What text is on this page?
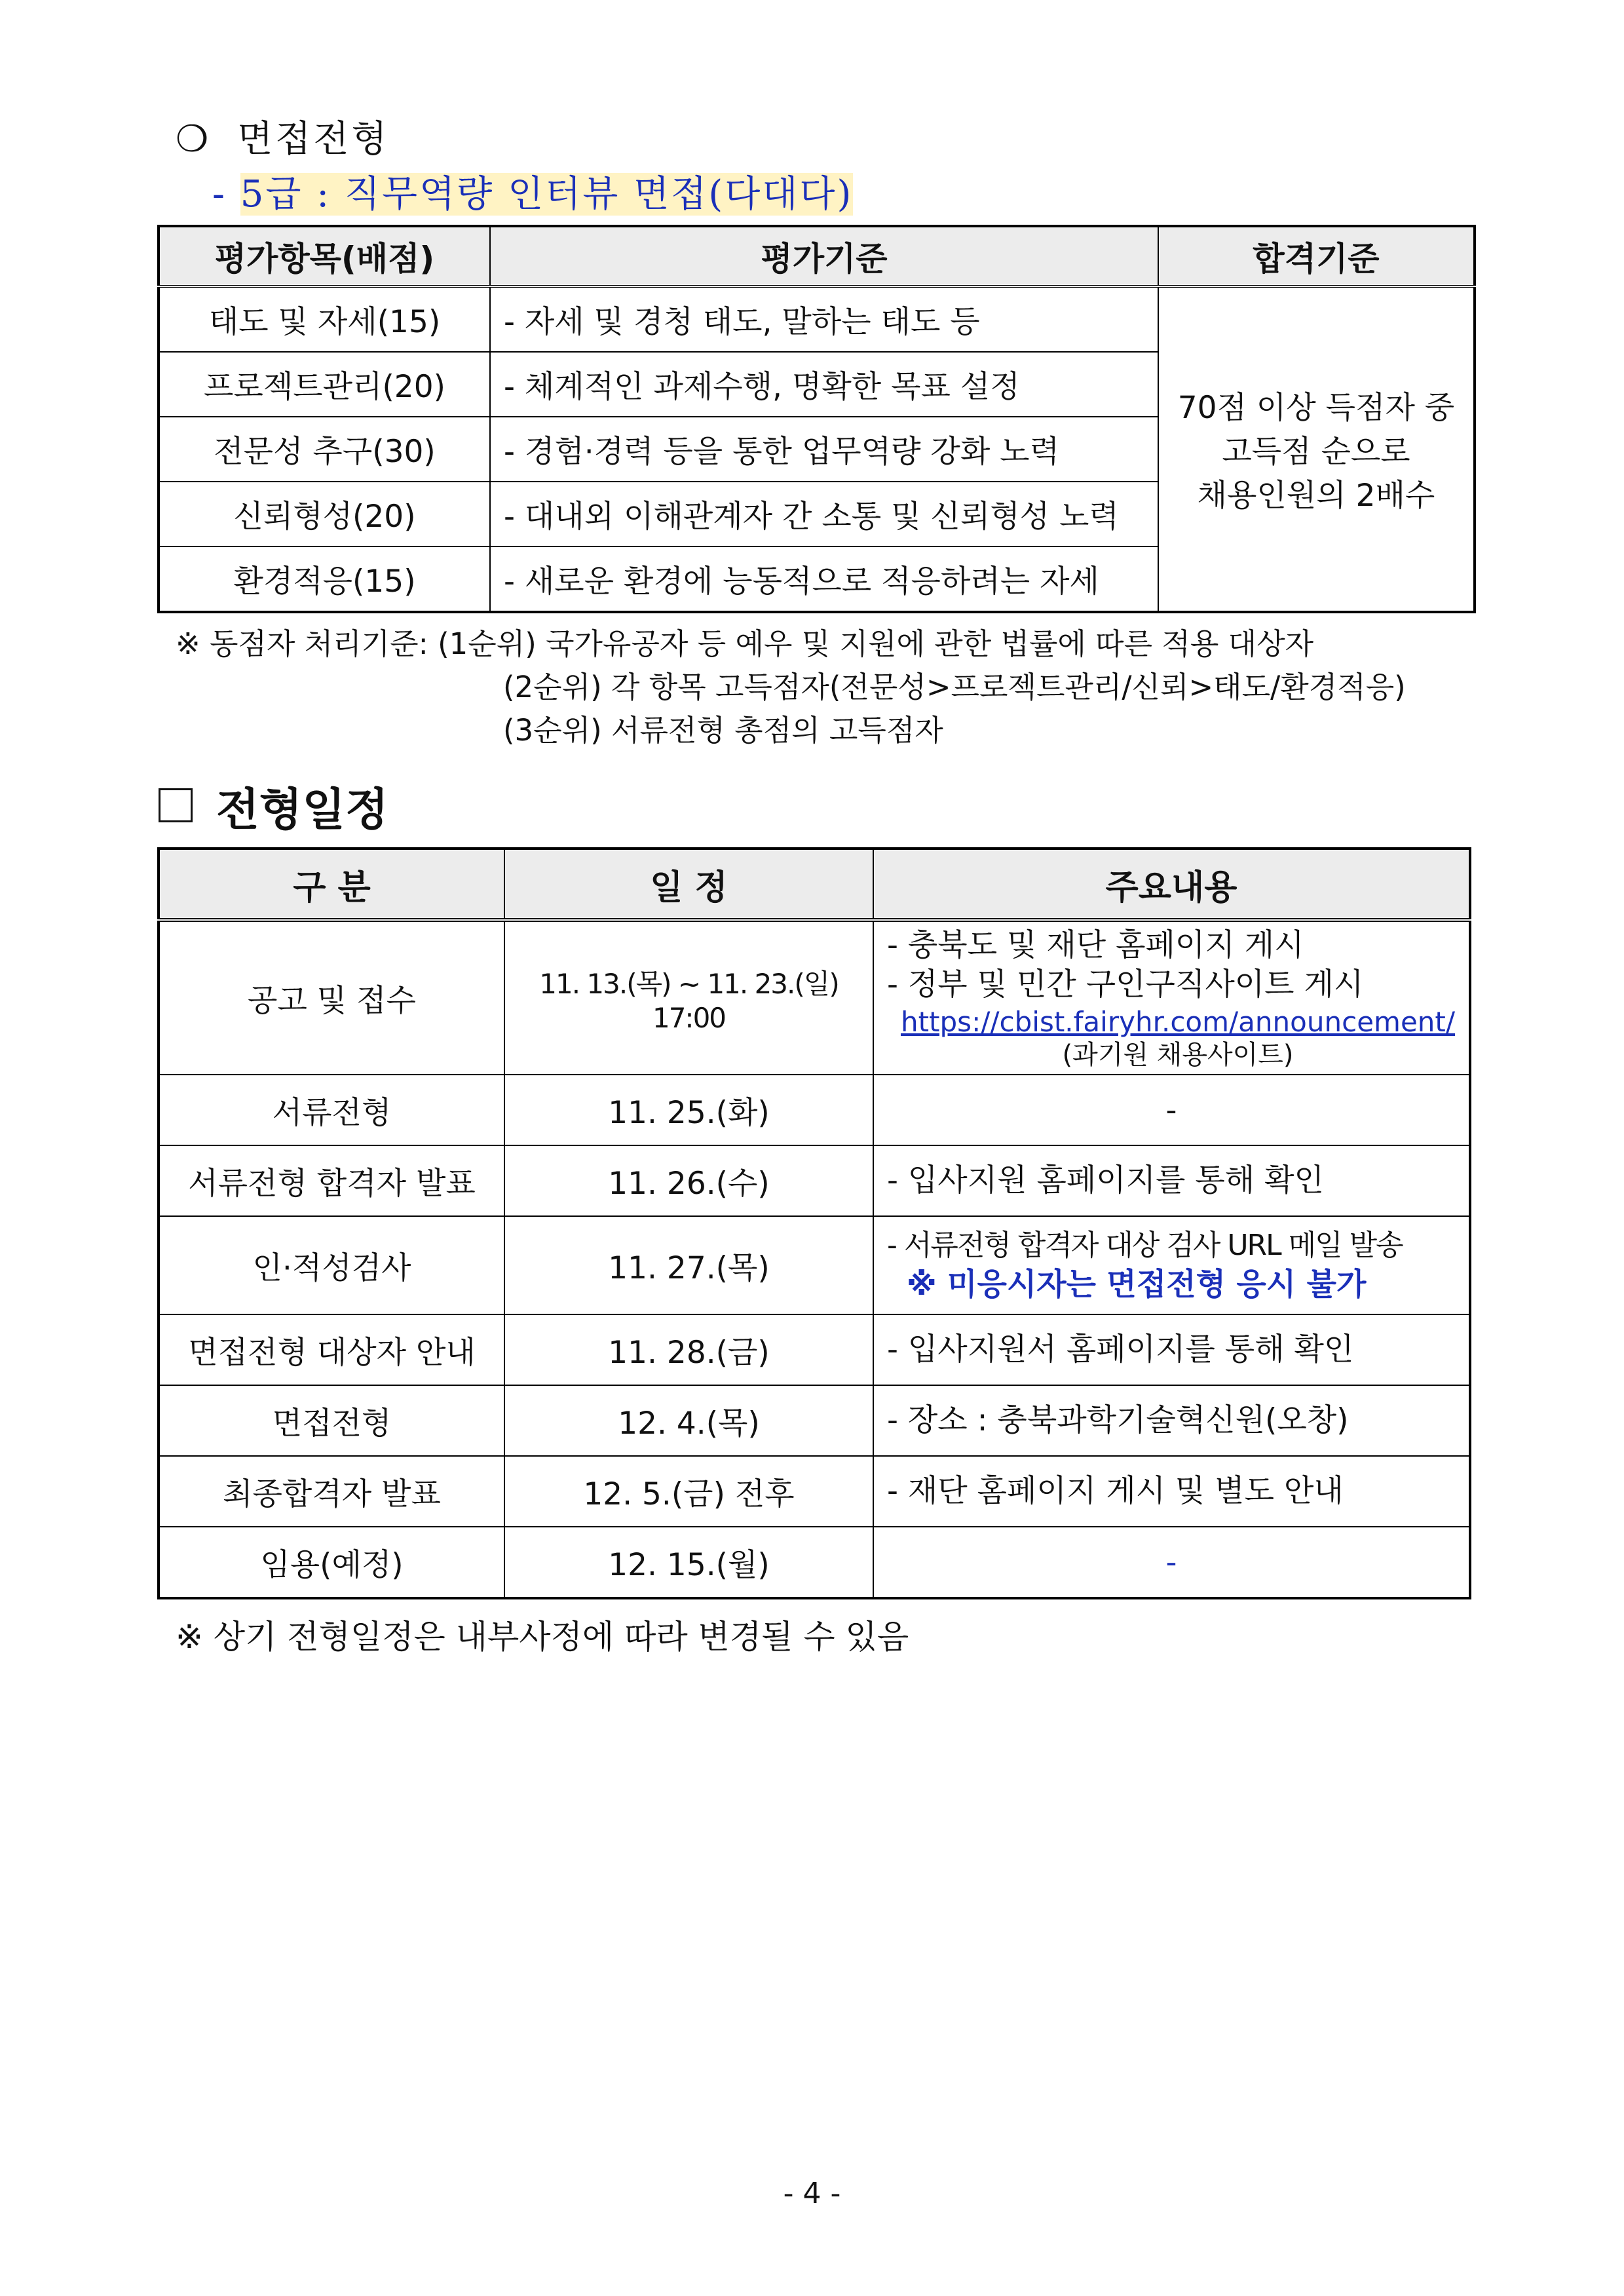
❍ 면접전형
- 5급 : 직무역량 인터뷰 면접(다대다)
평가항목(배점)	평가기준	합격기준
태도 및 자세(15)	- 자세 및 경청 태도, 말하는 태도 등	70점 이상 득점자 중
고득점 순으로
채용인원의 2배수

프로젝트관리(20)	- 체계적인 과제수행, 명확한 목표 설정	
전문성 추구(30)	- 경험·경력 등을 통한 업무역량 강화 노력	
신뢰형성(20)	- 대내외 이해관계자 간 소통 및 신뢰형성 노력	
환경적응(15)	- 새로운 환경에 능동적으로 적응하려는 자세	
※ 동점자 처리기준: (1순위) 국가유공자 등 예우 및 지원에 관한 법률에 따른 적용 대상자
(2순위) 각 항목 고득점자(전문성>프로젝트관리/신뢰>태도/환경적응)
(3순위) 서류전형 총점의 고득점자
전형일정
구 분	일 정	주요내용
공고 및 접수	11. 13.(목) ~ 11. 23.(일) 17:00	- 충북도 및 재단 홈페이지 게시
- 정부 및 민간 구인구직사이트 게시
https://cbist.fairyhr.com/announcement/
(과기원 채용사이트)

서류전형	11. 25.(화)	-
서류전형 합격자 발표	11. 26.(수)	- 입사지원 홈페이지를 통해 확인
인·적성검사	11. 27.(목)	- 서류전형 합격자 대상 검사 URL 메일 발송
※ 미응시자는 면접전형 응시 불가

면접전형 대상자 안내	11. 28.(금)	- 입사지원서 홈페이지를 통해 확인
면접전형	12. 4.(목)	- 장소 : 충북과학기술혁신원(오창)
최종합격자 발표	12. 5.(금) 전후	- 재단 홈페이지 게시 및 별도 안내
임용(예정)	12. 15.(월)	-
※ 상기 전형일정은 내부사정에 따라 변경될 수 있음
- 4 -
